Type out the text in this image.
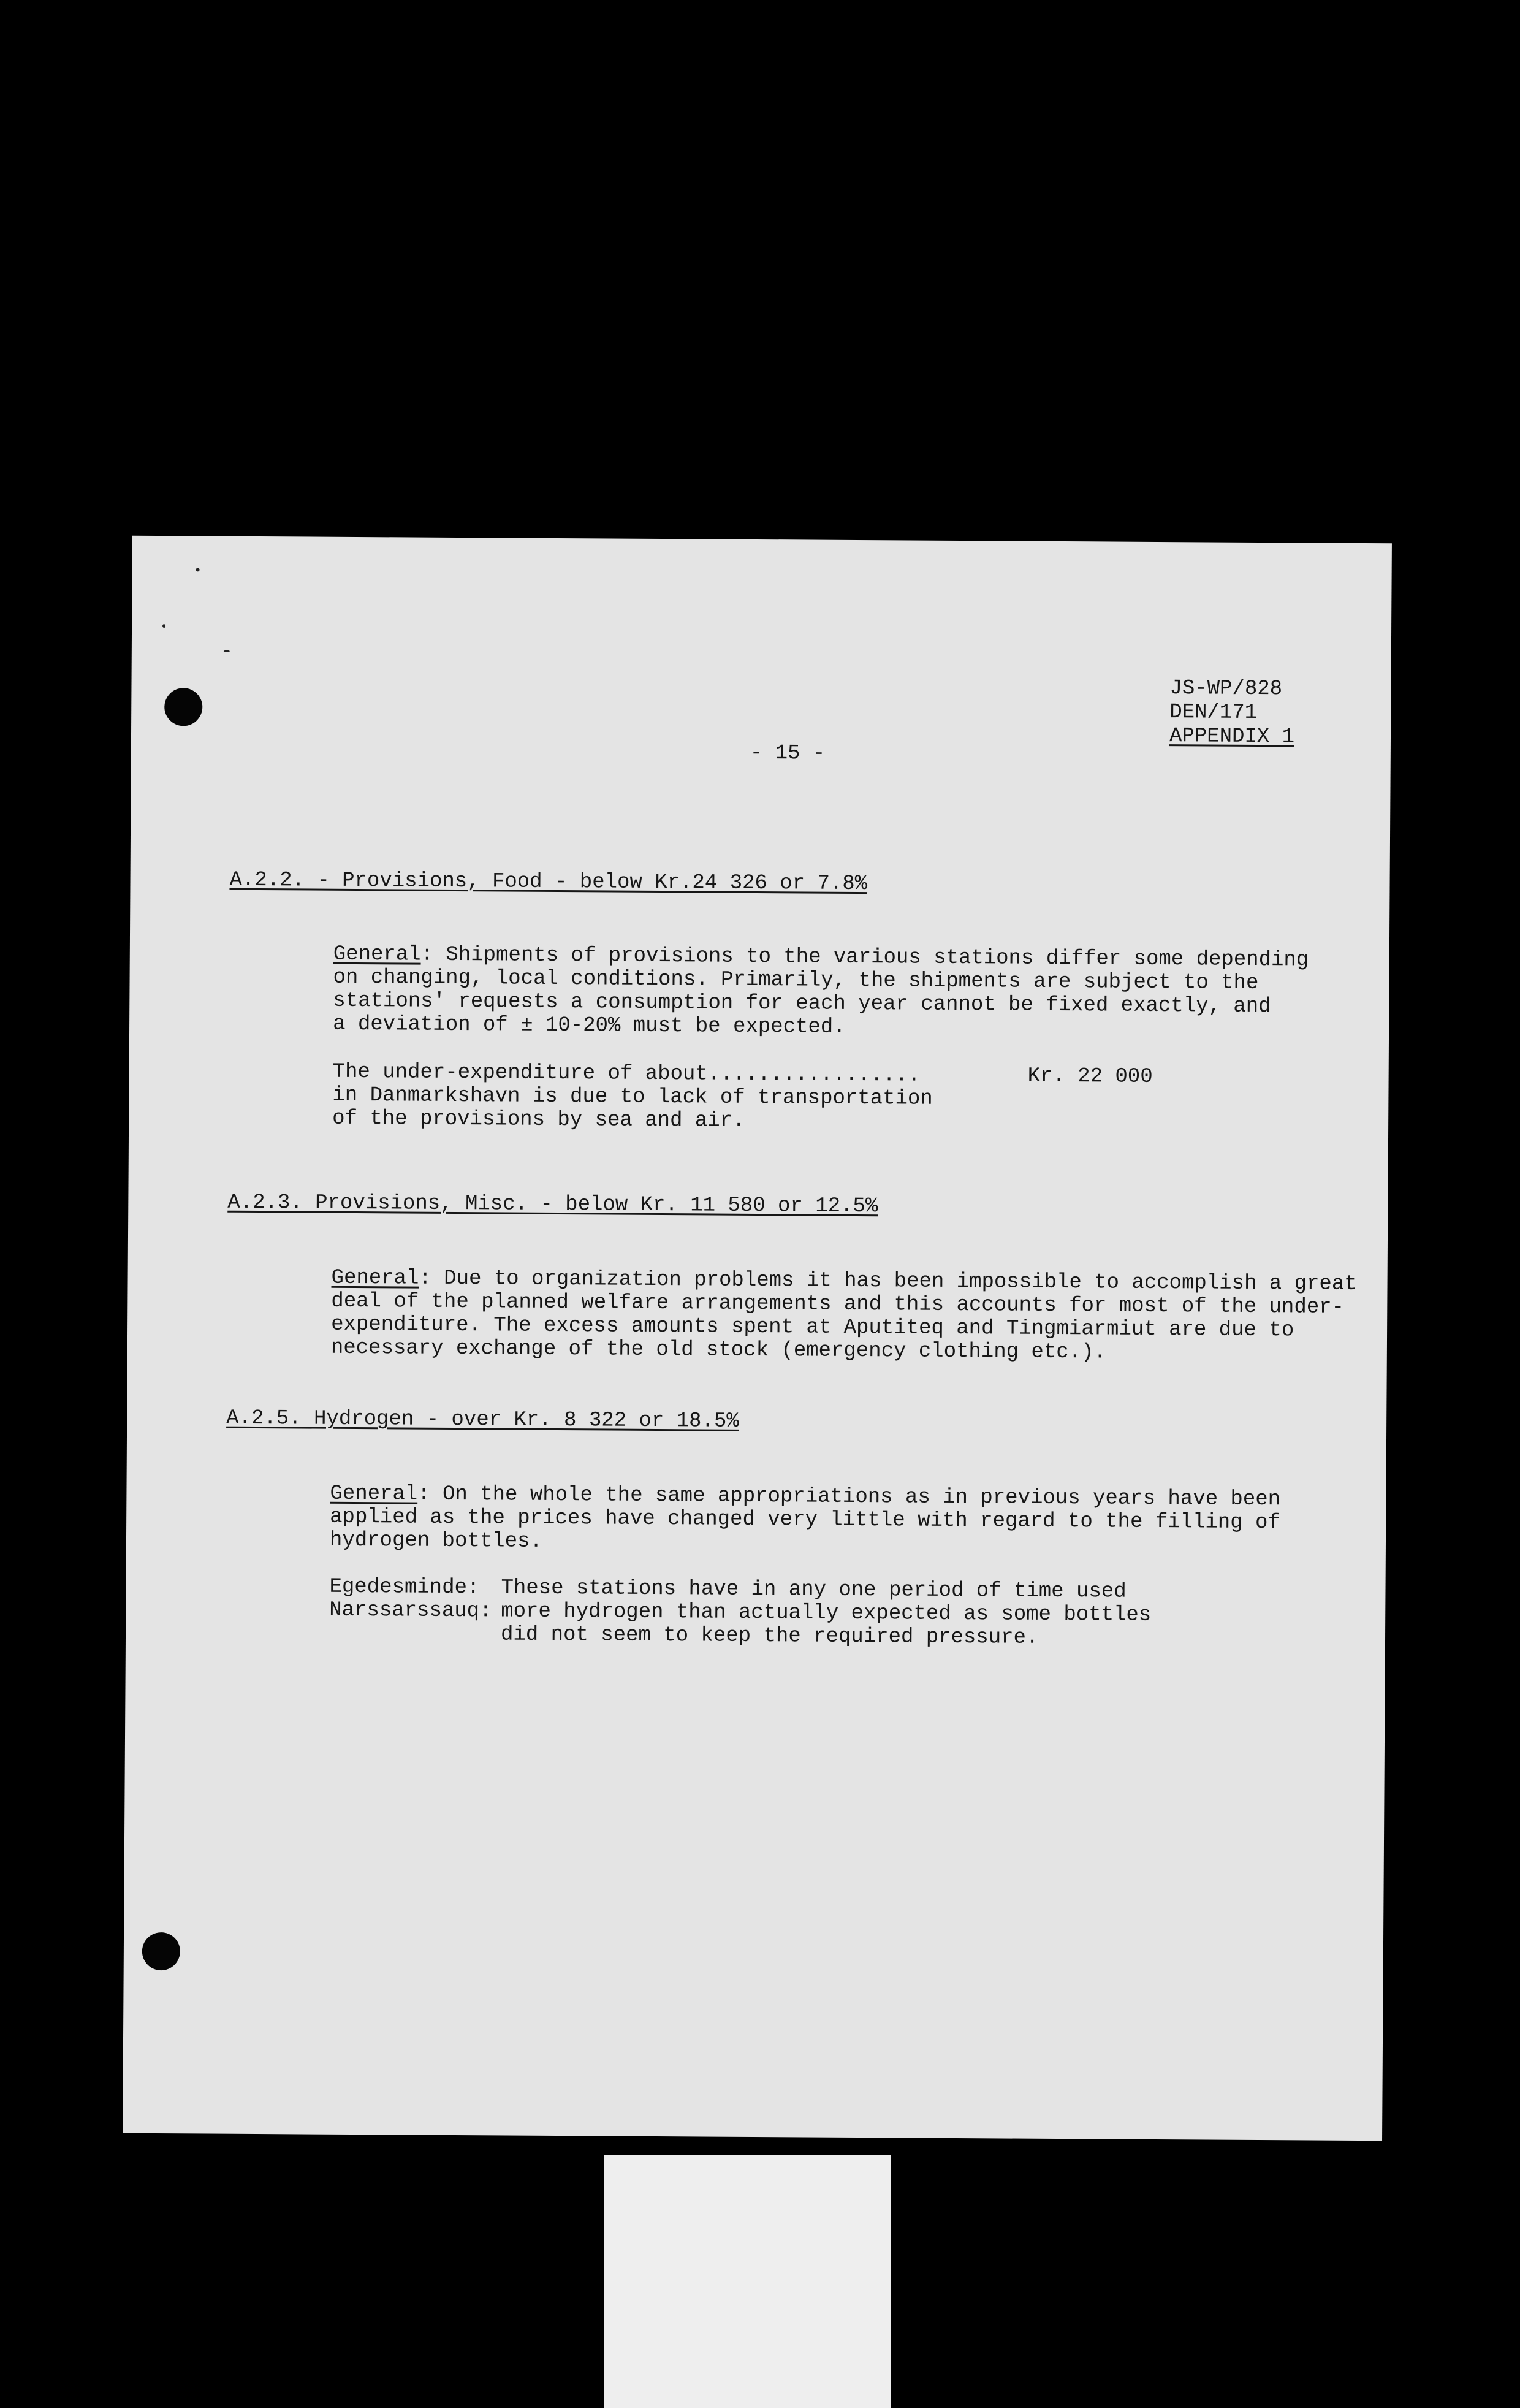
JS-WP/828

DEN/171

APPENDIX 1

- 15 -

A.2.2. - Provisions, Food - below Kr.24 326 or 7.8%

General: Shipments of provisions to the various stations differ some depending

on changing, local conditions. Primarily, the shipments are subject to the

stations' requests a consumption for each year cannot be fixed exactly, and

a deviation of ± 10-20% must be expected.

The under-expenditure of about.................	Kr. 22 000

in Danmarkshavn is due to lack of transportation

of the provisions by sea and air.

A.2.3. Provisions, Misc. - below Kr. 11 580 or 12.5%

General: Due to organization problems it has been impossible to accomplish a great

deal of the planned welfare arrangements and this accounts for most of the under-

expenditure. The excess amounts spent at Aputiteq and Tingmiarmiut are due to

necessary exchange of the old stock (emergency clothing etc.).

A.2.5. Hydrogen - over Kr. 8 322 or 18.5%

General: On the whole the same appropriations as in previous years have been

applied as the prices have changed very little with regard to the filling of

hydrogen bottles.

Egedesminde:

Narssarssauq:

These stations have in any one period of time used

more hydrogen than actually expected as some bottles

did not seem to keep the required pressure.
